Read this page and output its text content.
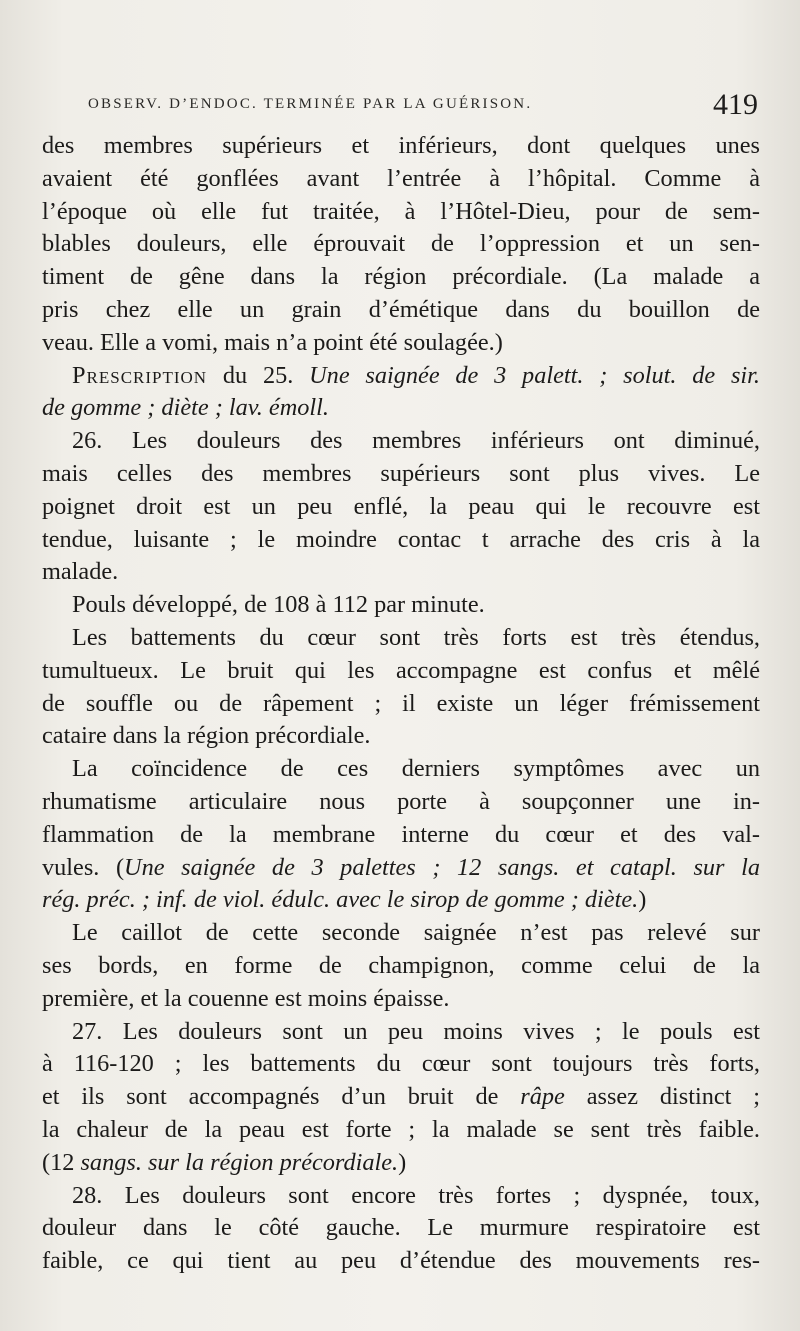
OBSERV. D’ENDOC. TERMINÉE PAR LA GUÉRISON.	419
des membres supérieurs et inférieurs, dont quelques unes
avaient été gonflées avant l’entrée à l’hôpital. Comme à
l’époque où elle fut traitée, à l’Hôtel-Dieu, pour de sem-
blables douleurs, elle éprouvait de l’oppression et un sen-
timent de gêne dans la région précordiale. (La malade a
pris chez elle un grain d’émétique dans du bouillon de
veau. Elle a vomi, mais n’a point été soulagée.)
Prescription du 25. Une saignée de 3 palett. ; solut. de sir.
de gomme ; diète ; lav. émoll.
26. Les douleurs des membres inférieurs ont diminué,
mais celles des membres supérieurs sont plus vives. Le
poignet droit est un peu enflé, la peau qui le recouvre est
tendue, luisante ; le moindre contac t arrache des cris à la
malade.
Pouls développé, de 108 à 112 par minute.
Les battements du cœur sont très forts est très étendus,
tumultueux. Le bruit qui les accompagne est confus et mêlé
de souffle ou de râpement ; il existe un léger frémissement
cataire dans la région précordiale.
La coïncidence de ces derniers symptômes avec un
rhumatisme articulaire nous porte à soupçonner une in-
flammation de la membrane interne du cœur et des val-
vules. (Une saignée de 3 palettes ; 12 sangs. et catapl. sur la
rég. préc. ; inf. de viol. édulc. avec le sirop de gomme ; diète.)
Le caillot de cette seconde saignée n’est pas relevé sur
ses bords, en forme de champignon, comme celui de la
première, et la couenne est moins épaisse.
27. Les douleurs sont un peu moins vives ; le pouls est
à 116-120 ; les battements du cœur sont toujours très forts,
et ils sont accompagnés d’un bruit de râpe assez distinct ;
la chaleur de la peau est forte ; la malade se sent très faible.
(12 sangs. sur la région précordiale.)
28. Les douleurs sont encore très fortes ; dyspnée, toux,
douleur dans le côté gauche. Le murmure respiratoire est
faible, ce qui tient au peu d’étendue des mouvements res-
